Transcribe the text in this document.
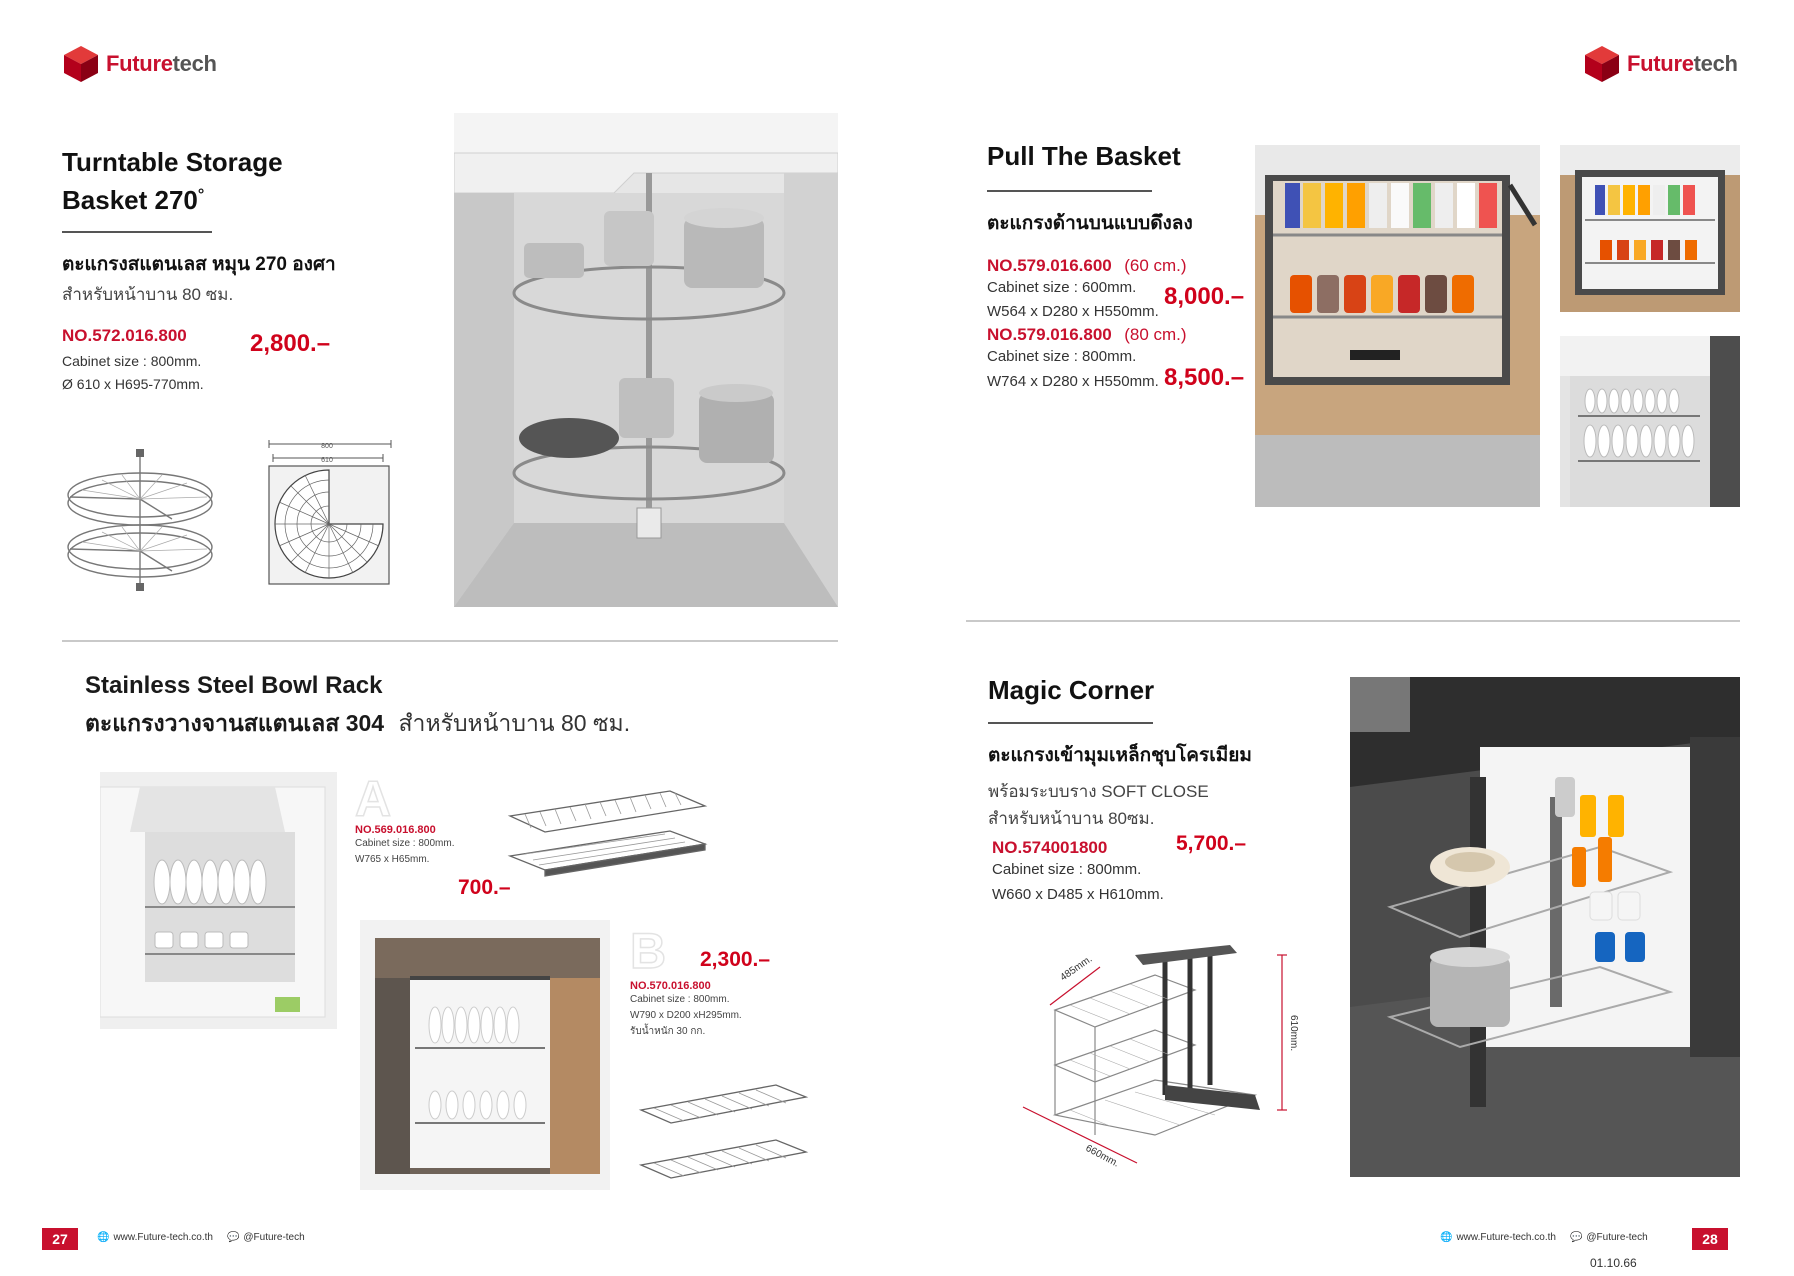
Futuretech	Futuretech
Turntable Storage
Basket 270°
ตะแกรงสแตนเลส หมุน 270 องศา
สำหรับหน้าบาน 80 ซม.
NO.572.016.800
Cabinet size : 800mm.
Ø 610 x H695-770mm.
2,800.–
800
610
Stainless Steel Bowl Rack
ตะแกรงวางจานสแตนเลส 304 สำหรับหน้าบาน 80 ซม.
A
NO.569.016.800
Cabinet size : 800mm.
W765 x H65mm.
700.–
B 2,300.–
NO.570.016.800
Cabinet size : 800mm.
W790 x D200 xH295mm.
รับน้ำหนัก 30 กก.
27	🌐 www.Future-tech.co.th 💬 @Future-tech
Pull The Basket
ตะแกรงด้านบนแบบดึงลง
NO.579.016.600 (60 cm.)
Cabinet size : 600mm.
W564 x D280 x H550mm.
NO.579.016.800 (80 cm.)
Cabinet size : 800mm.
W764 x D280 x H550mm.
8,000.–
8,500.–
Magic Corner
ตะแกรงเข้ามุมเหล็กชุบโครเมียม
พร้อมระบบราง SOFT CLOSE
สำหรับหน้าบาน 80ซม.
NO.574001800	5,700.–
Cabinet size : 800mm.
W660 x D485 x H610mm.
485mm.
660mm.
610mm.
🌐 www.Future-tech.co.th 💬 @Future-tech	28
01.10.66
